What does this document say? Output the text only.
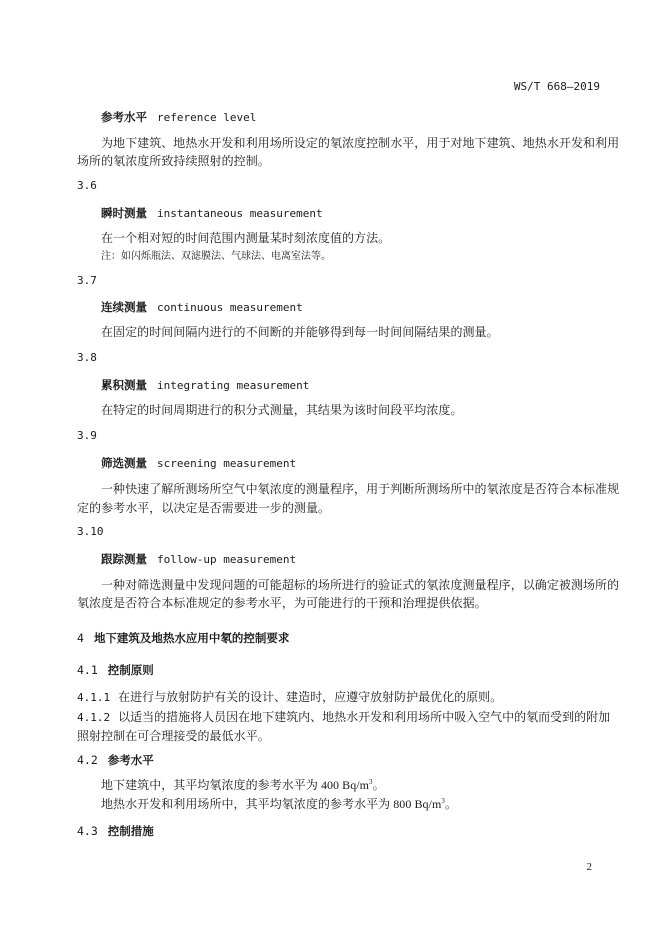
WS/T 668—2019
参考水平 reference level
为地下建筑、地热水开发和利用场所设定的氡浓度控制水平，用于对地下建筑、地热水开发和利用
场所的氡浓度所致持续照射的控制。
3.6
瞬时测量 instantaneous measurement
在一个相对短的时间范围内测量某时刻浓度值的方法。
注：如闪烁瓶法、双滤膜法、气球法、电离室法等。
3.7
连续测量 continuous measurement
在固定的时间间隔内进行的不间断的并能够得到每一时间间隔结果的测量。
3.8
累积测量 integrating measurement
在特定的时间周期进行的积分式测量，其结果为该时间段平均浓度。
3.9
筛选测量 screening measurement
一种快速了解所测场所空气中氡浓度的测量程序，用于判断所测场所中的氡浓度是否符合本标准规
定的参考水平，以决定是否需要进一步的测量。
3.10
跟踪测量 follow-up measurement
一种对筛选测量中发现问题的可能超标的场所进行的验证式的氡浓度测量程序，以确定被测场所的
氡浓度是否符合本标准规定的参考水平，为可能进行的干预和治理提供依据。
4 地下建筑及地热水应用中氡的控制要求
4.1 控制原则
4.1.1 在进行与放射防护有关的设计、建造时，应遵守放射防护最优化的原则。
4.1.2 以适当的措施将人员因在地下建筑内、地热水开发和利用场所中吸入空气中的氡而受到的附加
照射控制在可合理接受的最低水平。
4.2 参考水平
地下建筑中，其平均氡浓度的参考水平为 400 $Bq/m^3$。
地热水开发和利用场所中，其平均氡浓度的参考水平为 800 $Bq/m^3$。
4.3 控制措施
2
